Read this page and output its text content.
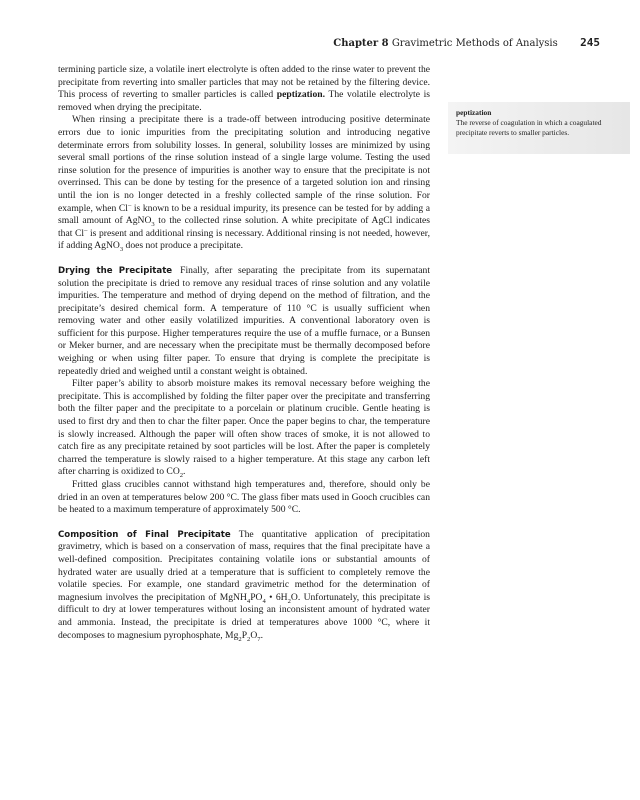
Chapter 8 Gravimetric Methods of Analysis 245

termining particle size, a volatile inert electrolyte is often added to the rinse water to prevent the precipitate from reverting into smaller particles that may not be retained by the filtering device. This process of reverting to smaller particles is called peptization. The volatile electrolyte is removed when drying the precipitate.

When rinsing a precipitate there is a trade-off between introducing positive determinate errors due to ionic impurities from the precipitating solution and introducing negative determinate errors from solubility losses. In general, solubility losses are minimized by using several small portions of the rinse solution instead of a single large volume. Testing the used rinse solution for the presence of impurities is another way to ensure that the precipitate is not overrinsed. This can be done by testing for the presence of a targeted solution ion and rinsing until the ion is no longer detected in a freshly collected sample of the rinse solution. For example, when Cl– is known to be a residual impurity, its presence can be tested for by adding a small amount of AgNO$_3$ to the collected rinse solution. A white precipitate of AgCl indicates that Cl– is present and additional rinsing is necessary. Additional rinsing is not needed, however, if adding AgNO$_3$ does not produce a precipitate.

Drying the Precipitate Finally, after separating the precipitate from its supernatant solution the precipitate is dried to remove any residual traces of rinse solution and any volatile impurities. The temperature and method of drying depend on the method of filtration, and the precipitate’s desired chemical form. A temperature of 110 °C is usually sufficient when removing water and other easily volatilized impurities. A conventional laboratory oven is sufficient for this purpose. Higher temperatures require the use of a muffle furnace, or a Bunsen or Meker burner, and are necessary when the precipitate must be thermally decomposed before weighing or when using filter paper. To ensure that drying is complete the precipitate is repeatedly dried and weighed until a constant weight is obtained.

Filter paper’s ability to absorb moisture makes its removal necessary before weighing the precipitate. This is accomplished by folding the filter paper over the precipitate and transferring both the filter paper and the precipitate to a porcelain or platinum crucible. Gentle heating is used to first dry and then to char the filter paper. Once the paper begins to char, the temperature is slowly increased. Although the paper will often show traces of smoke, it is not allowed to catch fire as any precipitate retained by soot particles will be lost. After the paper is completely charred the temperature is slowly raised to a higher temperature. At this stage any carbon left after charring is oxidized to $CO_2$.

Fritted glass crucibles cannot withstand high temperatures and, therefore, should only be dried in an oven at temperatures below 200 °C. The glass fiber mats used in Gooch crucibles can be heated to a maximum temperature of approximately 500 °C.

Composition of Final Precipitate The quantitative application of precipitation gravimetry, which is based on a conservation of mass, requires that the final precipitate have a well-defined composition. Precipitates containing volatile ions or substantial amounts of hydrated water are usually dried at a temperature that is sufficient to completely remove the volatile species. For example, one standard gravimetric method for the determination of magnesium involves the precipitation of $MgNH_4PO_4$ • $6H_2O$. Unfortunately, this precipitate is difficult to dry at lower temperatures without losing an inconsistent amount of hydrated water and ammonia. Instead, the precipitate is dried at temperatures above 1000 °C, where it decomposes to magnesium pyrophosphate, $Mg_2P_2O_7$.

peptization
The reverse of coagulation in which a coagulated precipitate reverts to smaller particles.
